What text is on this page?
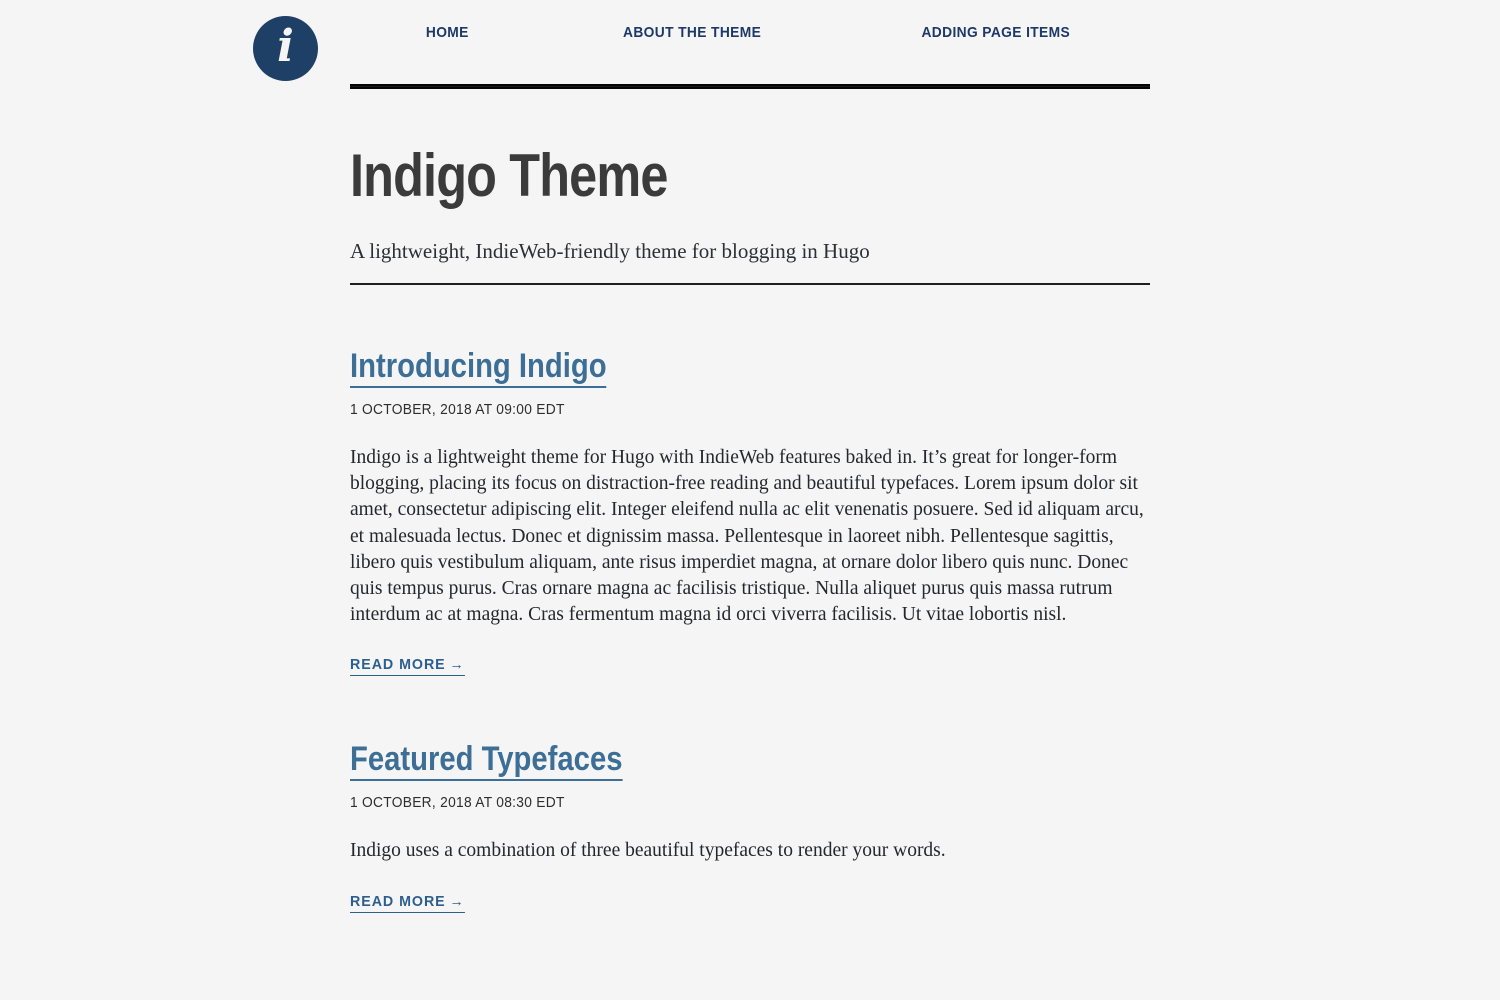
i	HOME	ABOUT THE THEME	ADDING PAGE ITEMS
Indigo Theme

A lightweight, IndieWeb-friendly theme for blogging in Hugo

Introducing Indigo
1 OCTOBER, 2018 AT 09:00 EDT

Indigo is a lightweight theme for Hugo with IndieWeb features baked in. It’s great for longer-form blogging, placing its focus on distraction-free reading and beautiful typefaces. Lorem ipsum dolor sit amet, consectetur adipiscing elit. Integer eleifend nulla ac elit venenatis posuere. Sed id aliquam arcu, et malesuada lectus. Donec et dignissim massa. Pellentesque in laoreet nibh. Pellentesque sagittis, libero quis vestibulum aliquam, ante risus imperdiet magna, at ornare dolor libero quis nunc. Donec quis tempus purus. Cras ornare magna ac facilisis tristique. Nulla aliquet purus quis massa rutrum interdum ac at magna. Cras fermentum magna id orci viverra facilisis. Ut vitae lobortis nisl.

READ MORE →
Featured Typefaces
1 OCTOBER, 2018 AT 08:30 EDT

Indigo uses a combination of three beautiful typefaces to render your words.

READ MORE →
